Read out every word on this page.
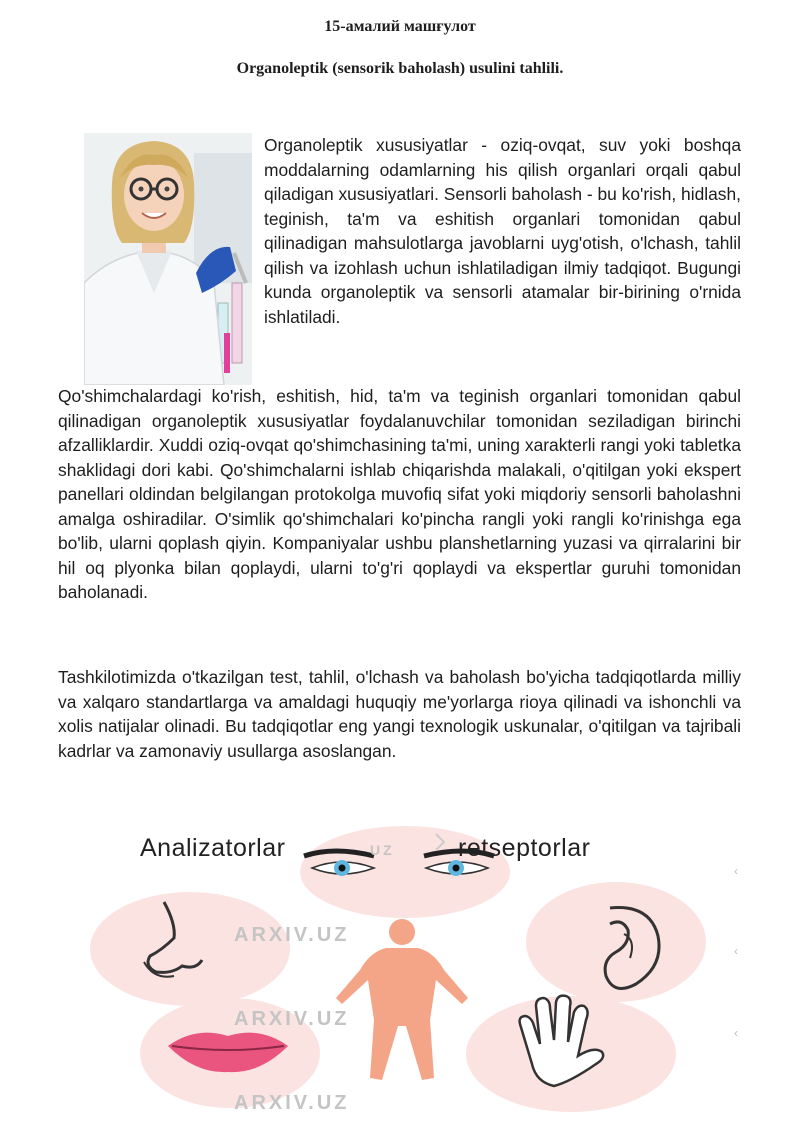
15-амалий машғулот
Organoleptik (sensorik baholash) usulini tahlili.

Organoleptik xususiyatlar - oziq-ovqat, suv yoki boshqa moddalarning odamlarning his qilish organlari orqali qabul qiladigan xususiyatlari. Sensorli baholash - bu ko'rish, hidlash, teginish, ta'm va eshitish organlari tomonidan qabul qilinadigan mahsulotlarga javoblarni uyg'otish, o'lchash, tahlil qilish va izohlash uchun ishlatiladigan ilmiy tadqiqot. Bugungi kunda organoleptik va sensorli atamalar bir-birining o'rnida ishlatiladi.

Qo'shimchalardagi ko'rish, eshitish, hid, ta'm va teginish organlari tomonidan qabul qilinadigan organoleptik xususiyatlar foydalanuvchilar tomonidan seziladigan birinchi afzalliklardir. Xuddi oziq-ovqat qo'shimchasining ta'mi, uning xarakterli rangi yoki tabletka shaklidagi dori kabi. Qo'shimchalarni ishlab chiqarishda malakali, o'qitilgan yoki ekspert panellari oldindan belgilangan protokolga muvofiq sifat yoki miqdoriy sensorli baholashni amalga oshiradilar. O'simlik qo'shimchalari ko'pincha rangli yoki rangli ko'rinishga ega bo'lib, ularni qoplash qiyin. Kompaniyalar ushbu planshetlarning yuzasi va qirralarini bir hil oq plyonka bilan qoplaydi, ularni to'g'ri qoplaydi va ekspertlar guruhi tomonidan baholanadi.

Tashkilotimizda o'tkazilgan test, tahlil, o'lchash va baholash bo'yicha tadqiqotlarda milliy va xalqaro standartlarga va amaldagi huquqiy me'yorlarga rioya qilinadi va ishonchli va xolis natijalar olinadi. Bu tadqiqotlar eng yangi texnologik uskunalar, o'qitilgan va tajribali kadrlar va zamonaviy usullarga asoslangan.

Analizatorlar	retseptorlar
ARXIV.UZ
ARXIV.UZ
ARXIV.UZ
UZ
‹
‹
‹
